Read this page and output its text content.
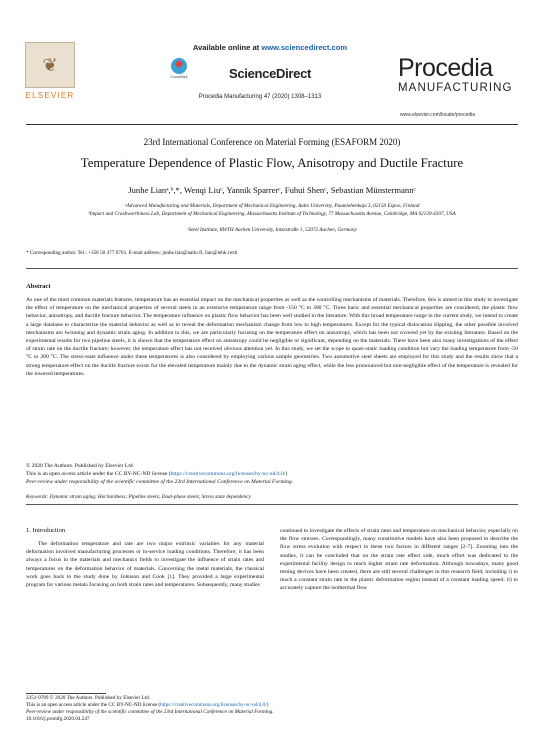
❦
ELSEVIER
Available online at www.sciencedirect.com
CrossMark	ScienceDirect
Procedia Manufacturing 47 (2020) 1308–1313
Procedia
MANUFACTURING
www.elsevier.com/locate/procedia
23rd International Conference on Material Forming (ESAFORM 2020)
Temperature Dependence of Plastic Flow, Anisotropy and Ductile Fracture
Junhe Lianᵃ,ᵇ,*, Wenqi Liuᶜ, Yannik Sparrerᶜ, Fuhui Shenᶜ, Sebastian Münstermannᶜ
ᵃAdvanced Manufacturing and Materials, Department of Mechanical Engineering, Aalto University, Puumiehenkuja 3, 02150 Espoo, Finland
ᵇImpact and Crashworthiness Lab, Department of Mechanical Engineering, Massachusetts Institute of Technology, 77 Massachusetts Avenue, Cambridge, MA 02139-4307, USA
ᶜSteel Institute, RWTH Aachen University, Intzestraße 1, 52072 Aachen, Germany
* Corresponding author. Tel.: +358 50 477 0763. E-mail address: junhe.lian@aalto.fi; lian@iehk.rwth
Abstract
As one of the most common materials features, temperature has an essential impact on the mechanical properties as well as the controlling mechanisms of materials. Therefore, this is aimed in this study to investigate the effect of temperature on the mechanical properties of several steels in an extensive temperature range from -150 °C to 300 °C. Three basic and essential mechanical properties are considered, the plastic flow behavior, anisotropy, and ductile fracture behavior. The temperature influence on plastic flow behavior has been well studied in the literature. With this broad temperature range in the current study, we intend to create a large database to characterize the material behavior as well as to reveal the deformation mechanism change from low to high temperatures. Except for the typical dislocation slipping, the other possible involved mechanisms are twinning and dynamic strain aging. In addition to this, we are particularly focusing on the temperature effect on anisotropy, which has been not covered yet by the existing literature. Based on the experimental results for two pipeline steels, it is shown that the temperature effect on anisotropy could be negligible or significant, depending on the materials. There have been also many investigations of the effect of strain rate on the ductile fracture; however, the temperature effect has not received obvious attention yet. In this study, we set the scope to quasi-static loading condition but vary the loading temperature from -50 °C to 300 °C. The stress-state influence under these temperatures is also considered by employing various sample geometries. Two automotive steel sheets are employed for this study and the results show that a strong temperature effect on the ductile fracture exists for the elevated temperature mainly due to the dynamic strain aging effect, while the less pronounced but non-negligible effect of the temperature is revealed for the lowered temperatures.
© 2020 The Authors. Published by Elsevier Ltd.
This is an open access article under the CC BY-NC-ND license (https://creativecommons.org/licenses/by-nc-nd/4.0/)
Peer-review under responsibility of the scientific committee of the 23rd International Conference on Material Forming.
Keywords: Dynamic strain aging; Hot hardness; Pipeline steels; Dual-phase steels; Stress state dependency
1. Introduction
The deformation temperature and rate are two major extrinsic variables for any material deformation involved manufacturing processes or in-service loading conditions. Therefore, it has been always a focus in the materials and mechanics fields to investigate the influence of strain rates and temperatures on the deformation behavior of materials. Concerning the metal materials, the classical work goes back to the study done by Johnson and Cook [1]. They provided a large experimental program for various metals focusing on both strain rates and temperatures. Subsequently, many studies
continued to investigate the effects of strain rates and temperature on mechanical behavior, especially on the flow stresses. Correspondingly, many constitutive models have also been proposed to describe the flow stress evolution with respect to these two factors in different ranges [2-7]. Zooming into the studies, it can be concluded that on the strain rate effect side, much effort was dedicated to the experimental facility design to reach higher strain rate deformation. Although nowadays, many good testing devices have been created, there are still several challenges in this research field, including i) to reach a constant strain rate in the plastic deformation region instead of a constant loading speed; ii) to accurately capture the isothermal flow
2351-9789 © 2020 The Authors. Published by Elsevier Ltd.
This is an open access article under the CC BY-NC-ND license (https://creativecommons.org/licenses/by-nc-nd/4.0/)
Peer-review under responsibility of the scientific committee of the 23rd International Conference on Material Forming.
10.1016/j.promfg.2020.04.247
